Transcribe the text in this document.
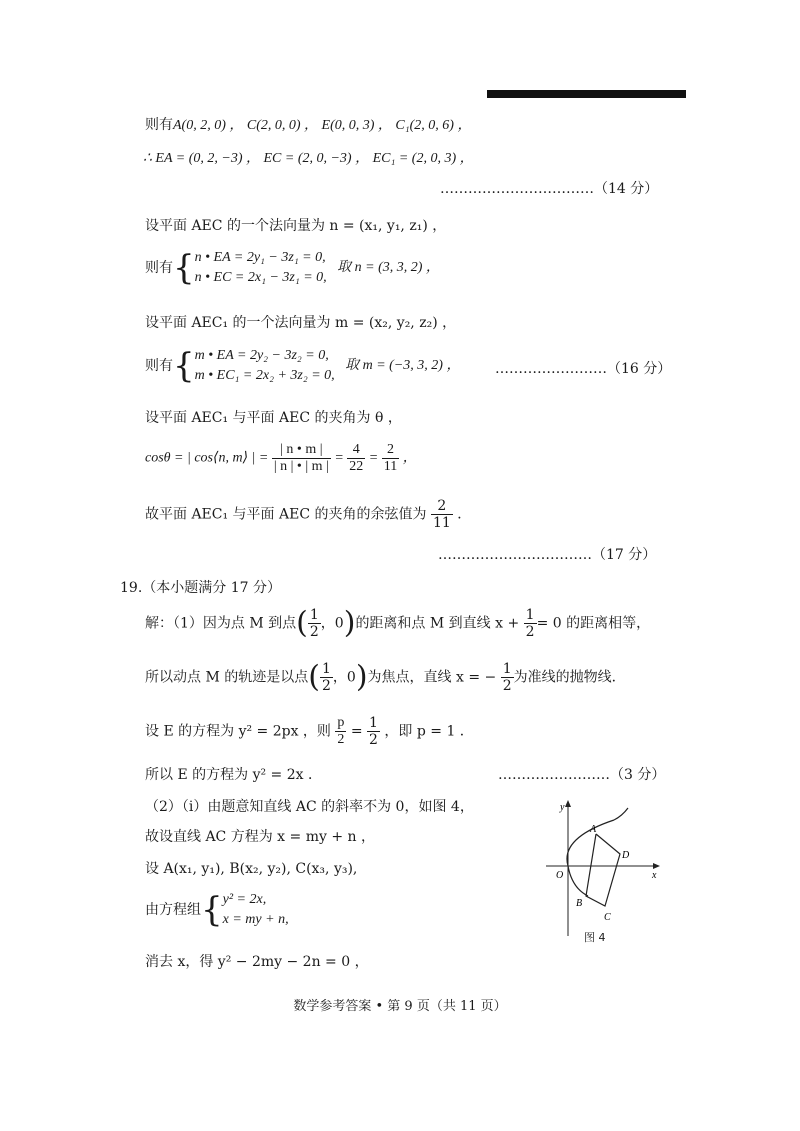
则有A(0, 2, 0) ， C(2, 0, 0) ， E(0, 0, 3) ， C₁(2, 0, 6) ，
∴ EA = (0, 2, −3) ， EC = (2, 0, −3) ， EC₁ = (2, 0, 3) ，
……………………………（14 分）
设平面 AEC 的一个法向量为 n = (x₁, y₁, z₁) ，
则有{ n • EA = 2y₁ − 3z₁ = 0,
n • EC = 2x₁ − 3z₁ = 0,
取 n = (3, 3, 2) ，
设平面 AEC₁ 的一个法向量为 m = (x₂, y₂, z₂) ，
则有{ m • EA = 2y₂ − 3z₂ = 0,
m • EC₁ = 2x₂ + 3z₂ = 0,
取 m = (−3, 3, 2) ， ……………………（16 分）
设平面 AEC₁ 与平面 AEC 的夹角为 θ ，
cosθ = | cos⟨n, m⟩ | = $\frac{| n • m |}{| n | • | m |} = \frac{4}{22} = \frac{2}{11}$ ，
故平面 AEC₁ 与平面 AEC 的夹角的余弦值为 $\frac{2}{11}$ ．
……………………………（17 分）
19.（本小题满分 17 分）
解：（1）因为点 M 到点( $\frac{1}{2}$ ，0)的距离和点 M 到直线 $x + \frac{1}{2} = 0$ 的距离相等，
所以动点 M 的轨迹是以点( $\frac{1}{2}$ ，0)为焦点，直线 x = − $\frac{1}{2}$ 为准线的抛物线．
设 E 的方程为 y² = 2px ，则 $\frac{p}{2} = \frac{1}{2}$ ，即 p = 1 ．
所以 E 的方程为 y² = 2x ．	……………………（3 分）
（2）（i）由题意知直线 AC 的斜率不为 0，如图 4，
故设直线 AC 方程为 x = my + n ，
设 A(x₁, y₁), B(x₂, y₂), C(x₃, y₃),
由方程组{ y² = 2x,
x = my + n,
消去 x，得 y² − 2my − 2n = 0 ，
y
x
O
A
B
C
D
图 4
数学参考答案 • 第 9 页（共 11 页）
